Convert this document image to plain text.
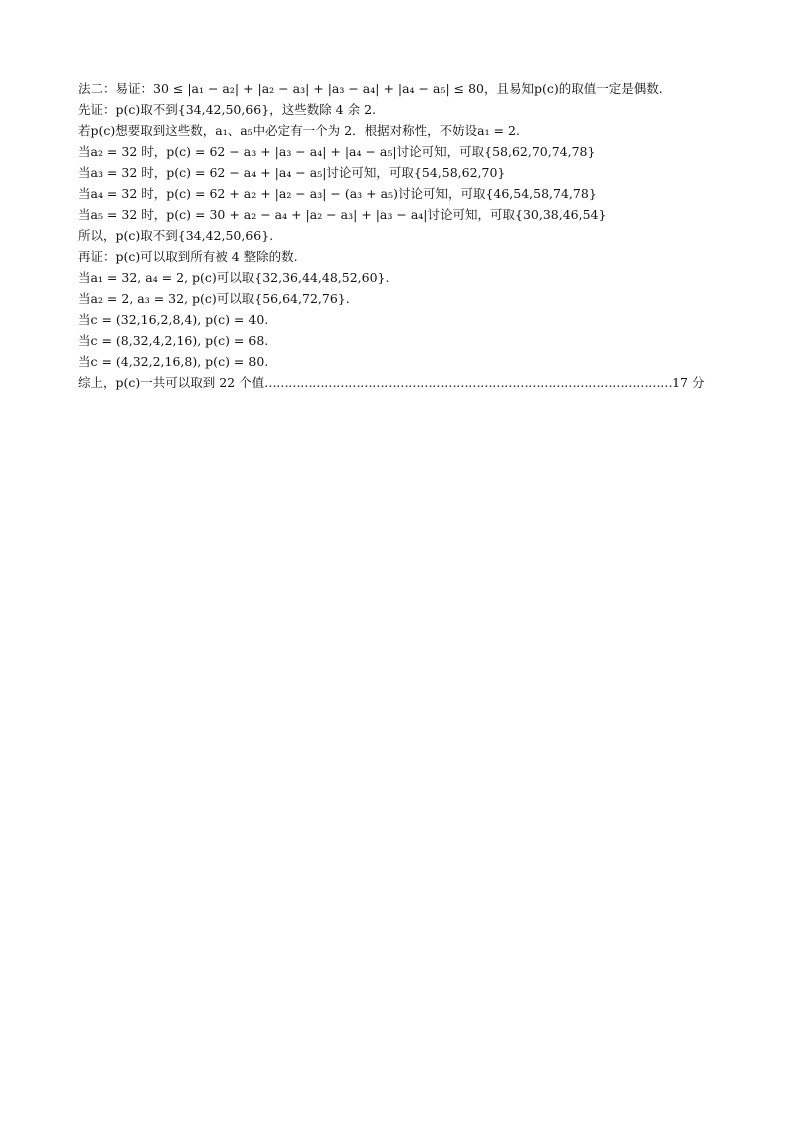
法二：易证：30 ≤ |a₁ − a₂| + |a₂ − a₃| + |a₃ − a₄| + |a₄ − a₅| ≤ 80，且易知p(c)的取值一定是偶数.
先证：p(c)取不到{34,42,50,66}，这些数除 4 余 2.
若p(c)想要取到这些数，a₁、a₅中必定有一个为 2．根据对称性，不妨设a₁ = 2.
当a₂ = 32 时，p(c) = 62 − a₃ + |a₃ − a₄| + |a₄ − a₅|讨论可知，可取{58,62,70,74,78}
当a₃ = 32 时，p(c) = 62 − a₄ + |a₄ − a₅|讨论可知，可取{54,58,62,70}
当a₄ = 32 时，p(c) = 62 + a₂ + |a₂ − a₃| − (a₃ + a₅)讨论可知，可取{46,54,58,74,78}
当a₅ = 32 时，p(c) = 30 + a₂ − a₄ + |a₂ − a₃| + |a₃ − a₄|讨论可知，可取{30,38,46,54}
所以，p(c)取不到{34,42,50,66}.
再证：p(c)可以取到所有被 4 整除的数.
当a₁ = 32, a₄ = 2, p(c)可以取{32,36,44,48,52,60}.
当a₂ = 2, a₃ = 32, p(c)可以取{56,64,72,76}.
当c = (32,16,2,8,4), p(c) = 40.
当c = (8,32,4,2,16), p(c) = 68.
当c = (4,32,2,16,8), p(c) = 80.
综上，p(c)一共可以取到 22 个值…………………………………………………………………………………………17 分
